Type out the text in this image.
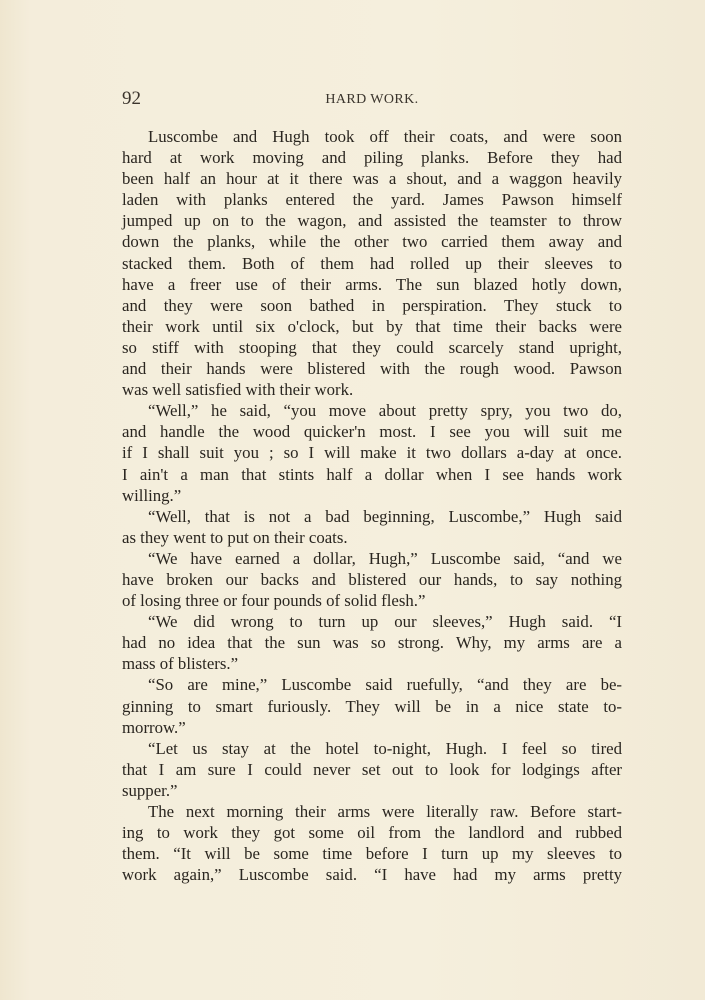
92	HARD WORK.
Luscombe and Hugh took off their coats, and were soon
hard at work moving and piling planks. Before they had
been half an hour at it there was a shout, and a waggon heavily
laden with planks entered the yard. James Pawson himself
jumped up on to the wagon, and assisted the teamster to throw
down the planks, while the other two carried them away and
stacked them. Both of them had rolled up their sleeves to
have a freer use of their arms. The sun blazed hotly down,
and they were soon bathed in perspiration. They stuck to
their work until six o'clock, but by that time their backs were
so stiff with stooping that they could scarcely stand upright,
and their hands were blistered with the rough wood. Pawson
was well satisfied with their work.
“Well,” he said, “you move about pretty spry, you two do,
and handle the wood quicker'n most. I see you will suit me
if I shall suit you ; so I will make it two dollars a-day at once.
I ain't a man that stints half a dollar when I see hands work
willing.”
“Well, that is not a bad beginning, Luscombe,” Hugh said
as they went to put on their coats.
“We have earned a dollar, Hugh,” Luscombe said, “and we
have broken our backs and blistered our hands, to say nothing
of losing three or four pounds of solid flesh.”
“We did wrong to turn up our sleeves,” Hugh said. “I
had no idea that the sun was so strong. Why, my arms are a
mass of blisters.”
“So are mine,” Luscombe said ruefully, “and they are be-
ginning to smart furiously. They will be in a nice state to-
morrow.”
“Let us stay at the hotel to-night, Hugh. I feel so tired
that I am sure I could never set out to look for lodgings after
supper.”
The next morning their arms were literally raw. Before start-
ing to work they got some oil from the landlord and rubbed
them. “It will be some time before I turn up my sleeves to
work again,” Luscombe said. “I have had my arms pretty
